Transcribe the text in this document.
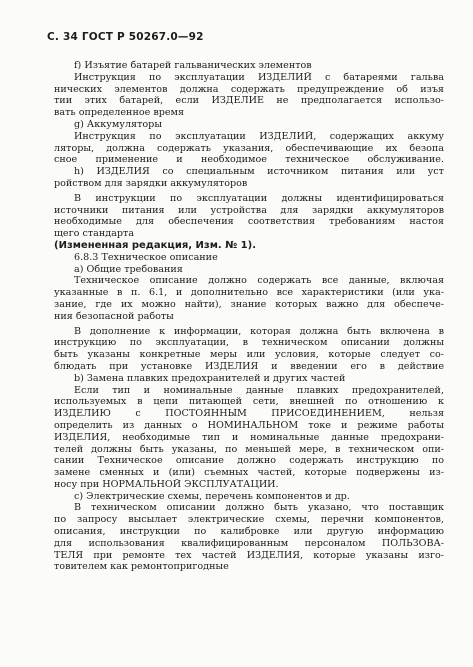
С. 34 ГОСТ Р 50267.0—92
f) Изъятие батарей гальванических элементов
Инструкция по эксплуатации ИЗДЕЛИЙ с батареями гальва
нических элементов должна содержать предупреждение об изъя
тии этих батарей, если ИЗДЕЛИЕ не предполагается использо-
вать определенное время
g) Аккумуляторы
Инструкция по эксплуатации ИЗДЕЛИЙ, содержащих аккуму
ляторы, должна содержать указания, обеспечивающие их безопа
сное применение и необходимое техническое обслуживание.
h) ИЗДЕЛИЯ со специальным источником питания или уст
ройством для зарядки аккумуляторов
В инструкции по эксплуатации должны идентифицироваться
источники питания или устройства для зарядки аккумуляторов
необходимые для обеспечения соответствия требованиям настоя
щего стандарта
(Измененная редакция, Изм. № 1).
6.8.3 Техническое описание
а) Общие требования
Техническое описание должно содержать все данные, включая
указанные в п. 6.1, и дополнительно все характеристики (или ука-
зание, где их можно найти), знание которых важно для обеспече-
ния безопасной работы
В дополнение к информации, которая должна быть включена в
инструкцию по эксплуатации, в техническом описании должны
быть указаны конкретные меры или условия, которые следует со-
блюдать при установке ИЗДЕЛИЯ и введении его в действие
b) Замена плавких предохранителей и других частей
Если тип и номинальные данные плавких предохранителей,
используемых в цепи питающей сети, внешней по отношению к
ИЗДЕЛИЮ с ПОСТОЯННЫМ ПРИСОЕДИНЕНИЕМ, нельзя
определить из данных о НОМИНАЛЬНОМ токе и режиме работы
ИЗДЕЛИЯ, необходимые тип и номинальные данные предохрани-
телей должны быть указаны, по меньшей мере, в техническом опи-
сании Техническое описание должно содержать инструкцию по
замене сменных и (или) съемных частей, которые подвержены из-
носу при НОРМАЛЬНОЙ ЭКСПЛУАТАЦИИ.
с) Электрические схемы, перечень компонентов и др.
В техническом описании должно быть указано, что поставщик
по запросу высылает электрические схемы, перечни компонентов,
описания, инструкции по калибровке или другую информацию
для использования квалифицированным персоналом ПОЛЬЗОВА-
ТЕЛЯ при ремонте тех частей ИЗДЕЛИЯ, которые указаны изго-
товителем как ремонтопригодные
